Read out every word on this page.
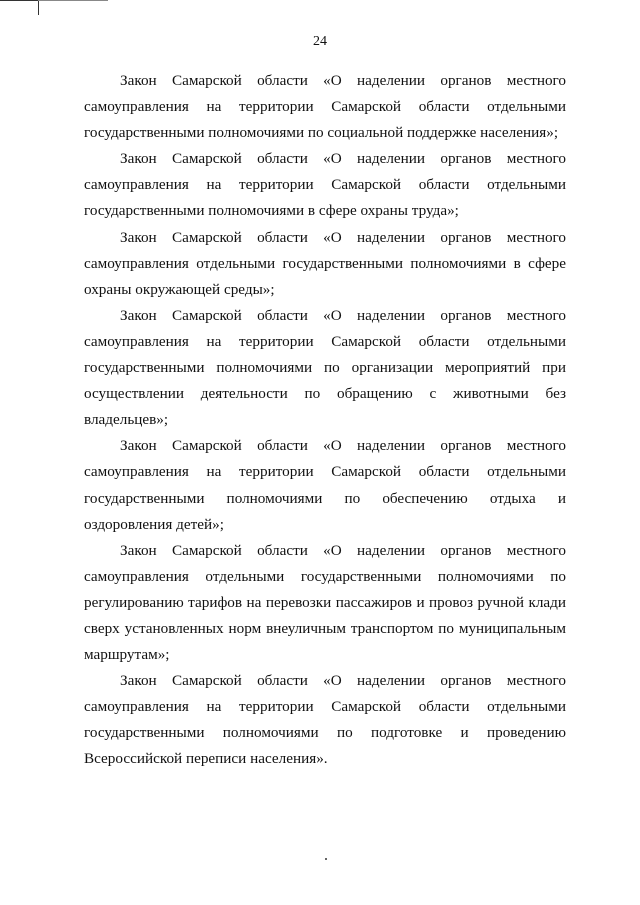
24

Закон Самарской области «О наделении органов местного самоуправления на территории Самарской области отдельными государственными полномочиями по социальной поддержке населения»;

Закон Самарской области «О наделении органов местного самоуправления на территории Самарской области отдельными государственными полномочиями в сфере охраны труда»;

Закон Самарской области «О наделении органов местного самоуправления отдельными государственными полномочиями в сфере охраны окружающей среды»;

Закон Самарской области «О наделении органов местного самоуправления на территории Самарской области отдельными государственными полномочиями по организации мероприятий при осуществлении деятельности по обращению с животными без владельцев»;

Закон Самарской области «О наделении органов местного самоуправления на территории Самарской области отдельными государственными полномочиями по обеспечению отдыха и оздоровления детей»;

Закон Самарской области «О наделении органов местного самоуправления отдельными государственными полномочиями по регулированию тарифов на перевозки пассажиров и провоз ручной клади сверх установленных норм внеуличным транспортом по муниципальным маршрутам»;

Закон Самарской области «О наделении органов местного самоуправления на территории Самарской области отдельными государственными полномочиями по подготовке и проведению Всероссийской переписи населения».
